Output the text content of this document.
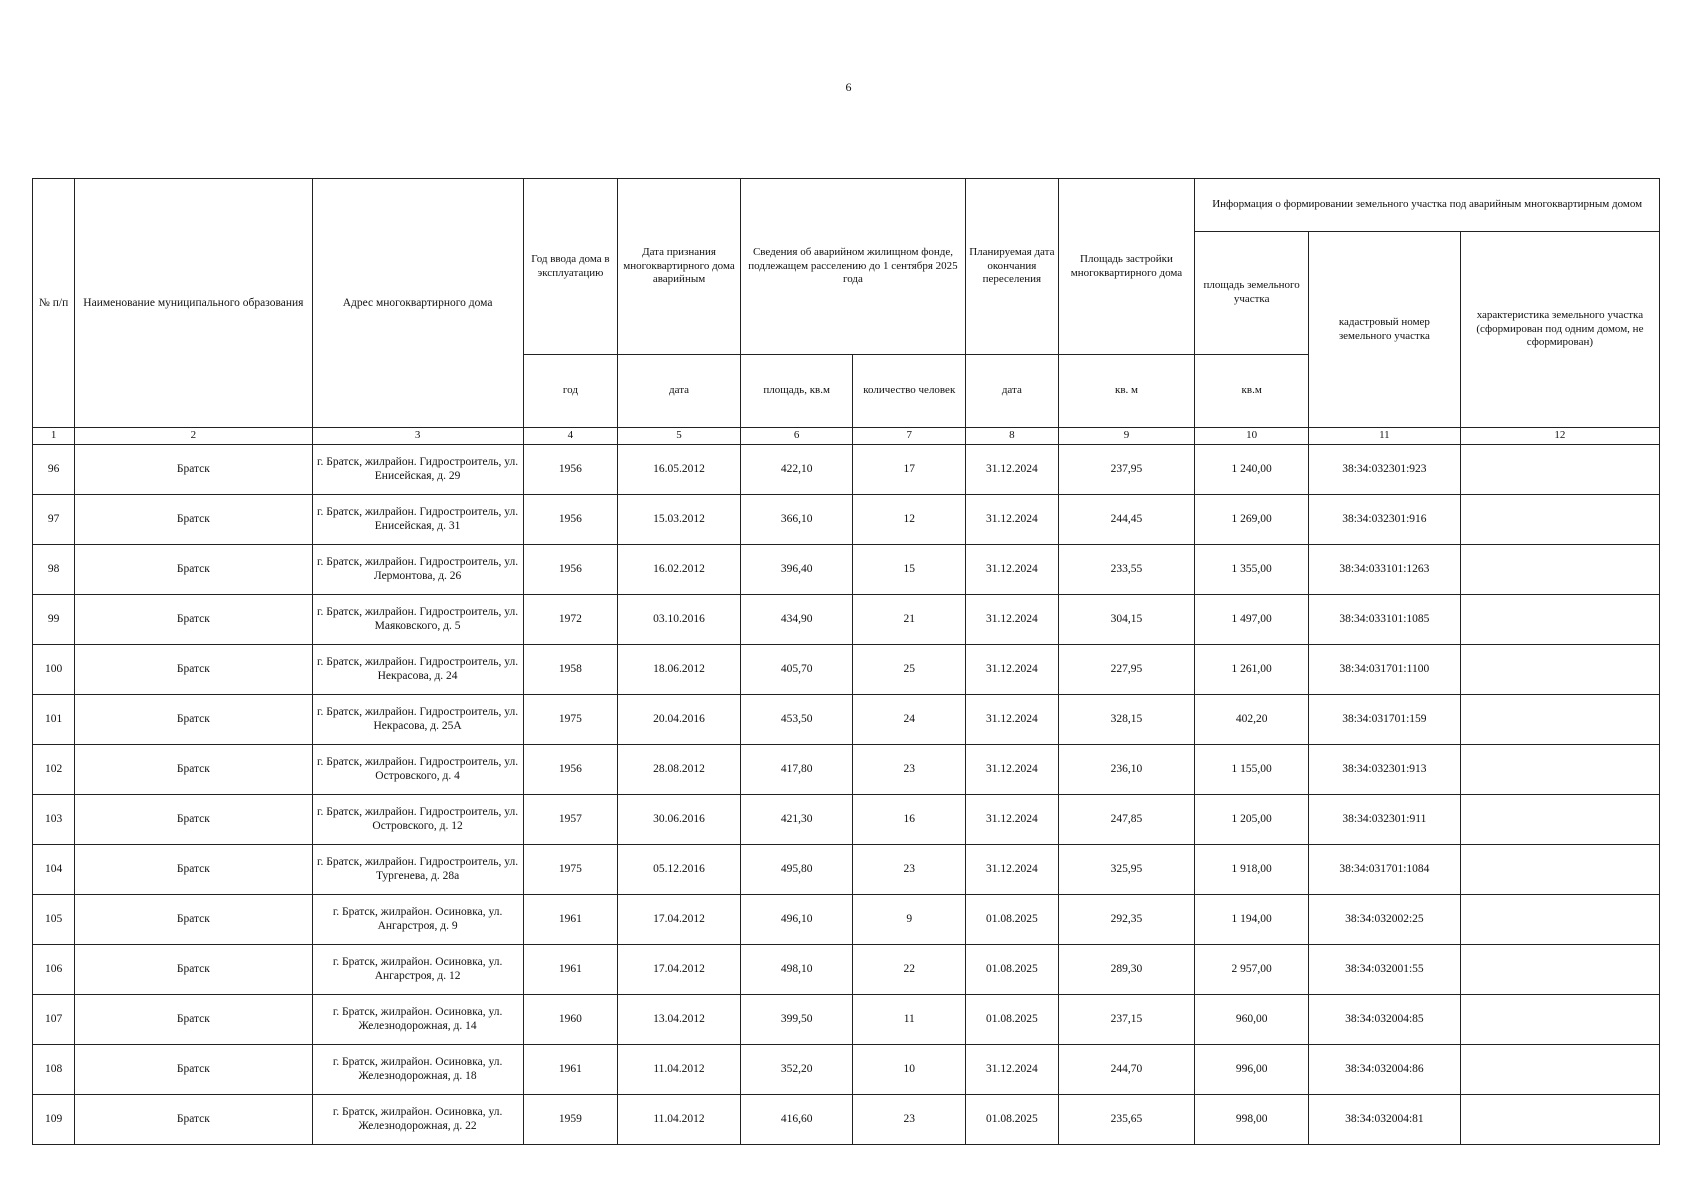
6
№ п/п	Наименование муниципального образования	Адрес многоквартирного дома	Год ввода дома в эксплуатацию	Дата признания многоквартирного дома аварийным	Сведения об аварийном жилищном фонде, подлежащем расселению до 1 сентября 2025 года		Планируемая дата окончания переселения	Площадь застройки многоквартирного дома	Информация о формировании земельного участка под аварийным многоквартирным домом		
									площадь земельного участка	кадастровый номер земельного участка	характеристика земельного участка (сформирован под одним домом, не сформирован)
			год	дата	площадь, кв.м	количество человек	дата	кв. м	кв.м		
1	2	3	4	5	6	7	8	9	10	11	12
96	Братск	г. Братск, жилрайон. Гидростроитель, ул. Енисейская, д. 29	1956	16.05.2012	422,10	17	31.12.2024	237,95	1 240,00	38:34:032301:923	
97	Братск	г. Братск, жилрайон. Гидростроитель, ул. Енисейская, д. 31	1956	15.03.2012	366,10	12	31.12.2024	244,45	1 269,00	38:34:032301:916	
98	Братск	г. Братск, жилрайон. Гидростроитель, ул. Лермонтова, д. 26	1956	16.02.2012	396,40	15	31.12.2024	233,55	1 355,00	38:34:033101:1263	
99	Братск	г. Братск, жилрайон. Гидростроитель, ул. Маяковского, д. 5	1972	03.10.2016	434,90	21	31.12.2024	304,15	1 497,00	38:34:033101:1085	
100	Братск	г. Братск, жилрайон. Гидростроитель, ул. Некрасова, д. 24	1958	18.06.2012	405,70	25	31.12.2024	227,95	1 261,00	38:34:031701:1100	
101	Братск	г. Братск, жилрайон. Гидростроитель, ул. Некрасова, д. 25А	1975	20.04.2016	453,50	24	31.12.2024	328,15	402,20	38:34:031701:159	
102	Братск	г. Братск, жилрайон. Гидростроитель, ул. Островского, д. 4	1956	28.08.2012	417,80	23	31.12.2024	236,10	1 155,00	38:34:032301:913	
103	Братск	г. Братск, жилрайон. Гидростроитель, ул. Островского, д. 12	1957	30.06.2016	421,30	16	31.12.2024	247,85	1 205,00	38:34:032301:911	
104	Братск	г. Братск, жилрайон. Гидростроитель, ул. Тургенева, д. 28а	1975	05.12.2016	495,80	23	31.12.2024	325,95	1 918,00	38:34:031701:1084	
105	Братск	г. Братск, жилрайон. Осиновка, ул. Ангарстроя, д. 9	1961	17.04.2012	496,10	9	01.08.2025	292,35	1 194,00	38:34:032002:25	
106	Братск	г. Братск, жилрайон. Осиновка, ул. Ангарстроя, д. 12	1961	17.04.2012	498,10	22	01.08.2025	289,30	2 957,00	38:34:032001:55	
107	Братск	г. Братск, жилрайон. Осиновка, ул. Железнодорожная, д. 14	1960	13.04.2012	399,50	11	01.08.2025	237,15	960,00	38:34:032004:85	
108	Братск	г. Братск, жилрайон. Осиновка, ул. Железнодорожная, д. 18	1961	11.04.2012	352,20	10	31.12.2024	244,70	996,00	38:34:032004:86	
109	Братск	г. Братск, жилрайон. Осиновка, ул. Железнодорожная, д. 22	1959	11.04.2012	416,60	23	01.08.2025	235,65	998,00	38:34:032004:81	
